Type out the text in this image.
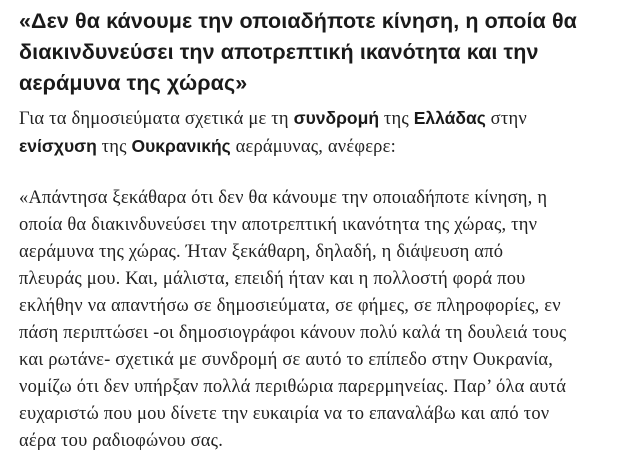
«Δεν θα κάνουμε την οποιαδήποτε κίνηση, η οποία θα
διακινδυνεύσει την αποτρεπτική ικανότητα και την
αεράμυνα της χώρας»

Για τα δημοσιεύματα σχετικά με τη συνδρομή της Ελλάδας στην
ενίσχυση της Ουκρανικής αεράμυνας, ανέφερε:

«Απάντησα ξεκάθαρα ότι δεν θα κάνουμε την οποιαδήποτε κίνηση, η
οποία θα διακινδυνεύσει την αποτρεπτική ικανότητα της χώρας, την
αεράμυνα της χώρας. Ήταν ξεκάθαρη, δηλαδή, η διάψευση από
πλευράς μου. Και, μάλιστα, επειδή ήταν και η πολλοστή φορά που
εκλήθην να απαντήσω σε δημοσιεύματα, σε φήμες, σε πληροφορίες, εν
πάση περιπτώσει -οι δημοσιογράφοι κάνουν πολύ καλά τη δουλειά τους
και ρωτάνε- σχετικά με συνδρομή σε αυτό το επίπεδο στην Ουκρανία,
νομίζω ότι δεν υπήρξαν πολλά περιθώρια παρερμηνείας. Παρ’ όλα αυτά
ευχαριστώ που μου δίνετε την ευκαιρία να το επαναλάβω και από τον
αέρα του ραδιοφώνου σας.
